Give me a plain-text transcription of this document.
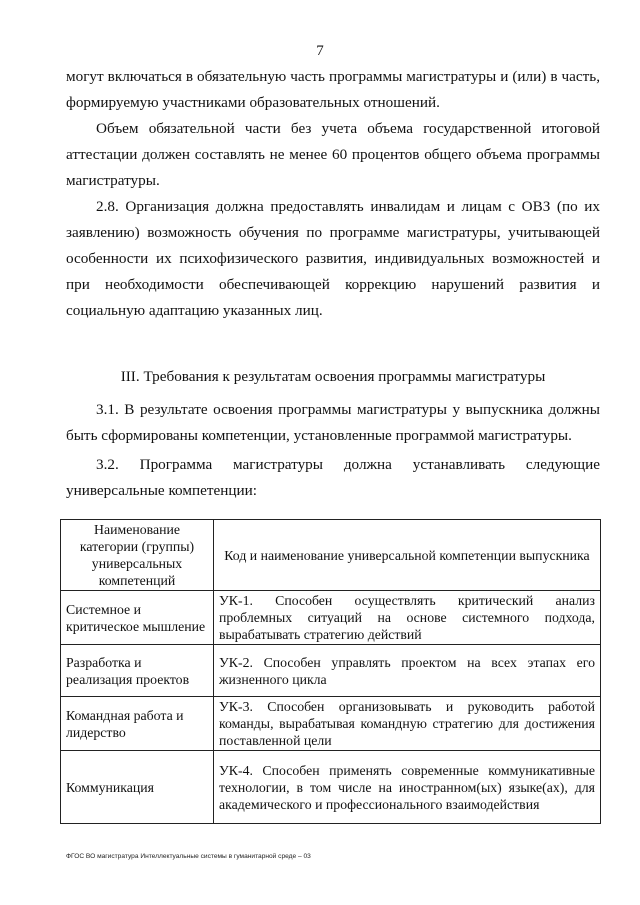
7

могут включаться в обязательную часть программы магистратуры и (или) в часть, формируемую участниками образовательных отношений.

Объем обязательной части без учета объема государственной итоговой аттестации должен составлять не менее 60 процентов общего объема программы магистратуры.

2.8. Организация должна предоставлять инвалидам и лицам с ОВЗ (по их заявлению) возможность обучения по программе магистратуры, учитывающей особенности их психофизического развития, индивидуальных возможностей и при необходимости обеспечивающей коррекцию нарушений развития и социальную адаптацию указанных лиц.

III. Требования к результатам освоения программы магистратуры

3.1. В результате освоения программы магистратуры у выпускника должны быть сформированы компетенции, установленные программой магистратуры.

3.2. Программа магистратуры должна устанавливать следующие универсальные компетенции:

Наименование категории (группы) универсальных компетенций	Код и наименование универсальной компетенции выпускника
Системное и критическое мышление	УК-1. Способен осуществлять критический анализ проблемных ситуаций на основе системного подхода, вырабатывать стратегию действий
Разработка и реализация проектов	УК-2. Способен управлять проектом на всех этапах его жизненного цикла
Командная работа и лидерство	УК-3. Способен организовывать и руководить работой команды, вырабатывая командную стратегию для достижения поставленной цели
Коммуникация	УК-4. Способен применять современные коммуникативные технологии, в том числе на иностранном(ых) языке(ах), для академического и профессионального взаимодействия
ФГОС ВО магистратура Интеллектуальные системы в гуманитарной среде – 03
